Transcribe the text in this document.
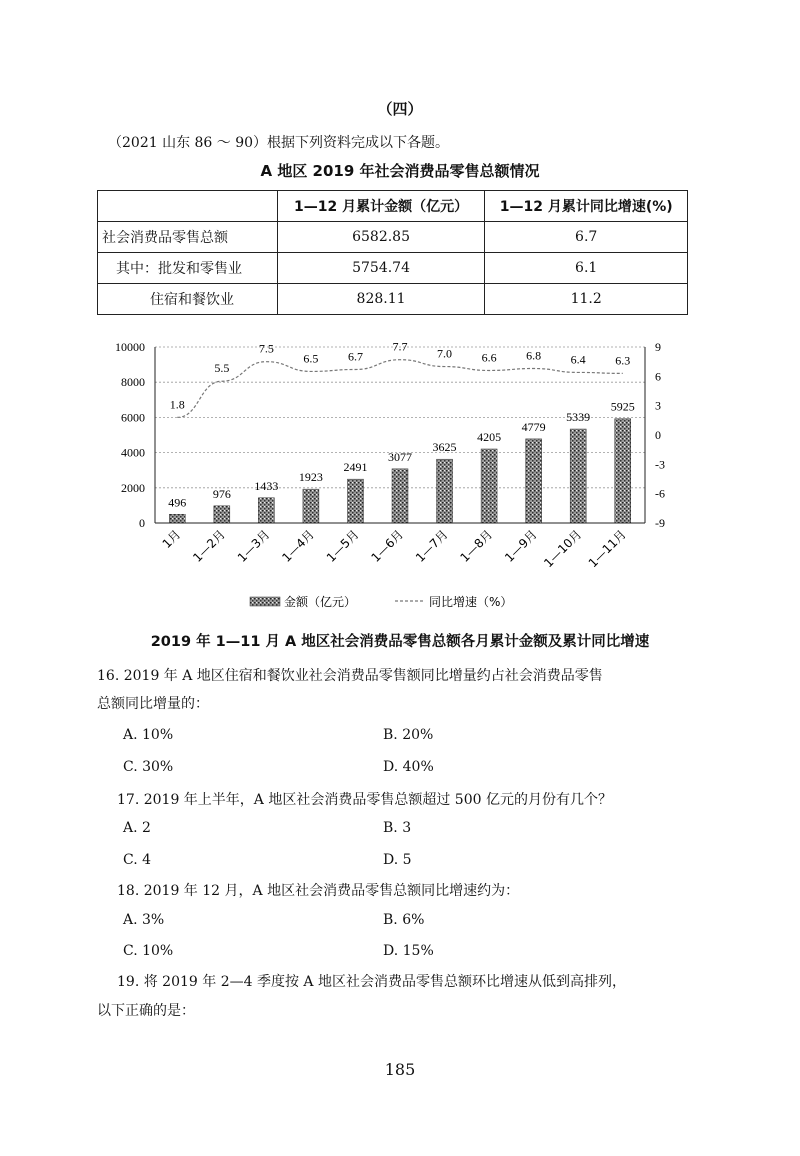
（四）
（2021 山东 86 ～ 90）根据下列资料完成以下各题。
A 地区 2019 年社会消费品零售总额情况
	1—12 月累计金额（亿元）	1—12 月累计同比增速(%)
社会消费品零售总额	6582.85	6.7
其中：批发和零售业	5754.74	6.1
住宿和餐饮业	828.11	11.2
496
976
1433
1923
2491
3077
3625
4205
4779
5339
5925
1.8
5.5
7.5
6.5 6.7
7.7 7.0 6.6 6.8 6.4 6.3
0
2000
4000
6000
8000
10000
-9
-6
-3
0
3
6
9
1月 1—2月 1—3月 1—4月 1—5月 1—6月 1—7月 1—8月 1—9月 1—10月 1—11月
金额（亿元）	同比增速（%）
2019 年 1—11 月 A 地区社会消费品零售总额各月累计金额及累计同比增速
16. 2019 年 A 地区住宿和餐饮业社会消费品零售额同比增量约占社会消费品零售
总额同比增量的：
A. 10%	B. 20%
C. 30%	D. 40%
17. 2019 年上半年，A 地区社会消费品零售总额超过 500 亿元的月份有几个？
A. 2	B. 3
C. 4	D. 5
18. 2019 年 12 月，A 地区社会消费品零售总额同比增速约为：
A. 3%	B. 6%
C. 10%	D. 15%
19. 将 2019 年 2—4 季度按 A 地区社会消费品零售总额环比增速从低到高排列，
以下正确的是：
185
